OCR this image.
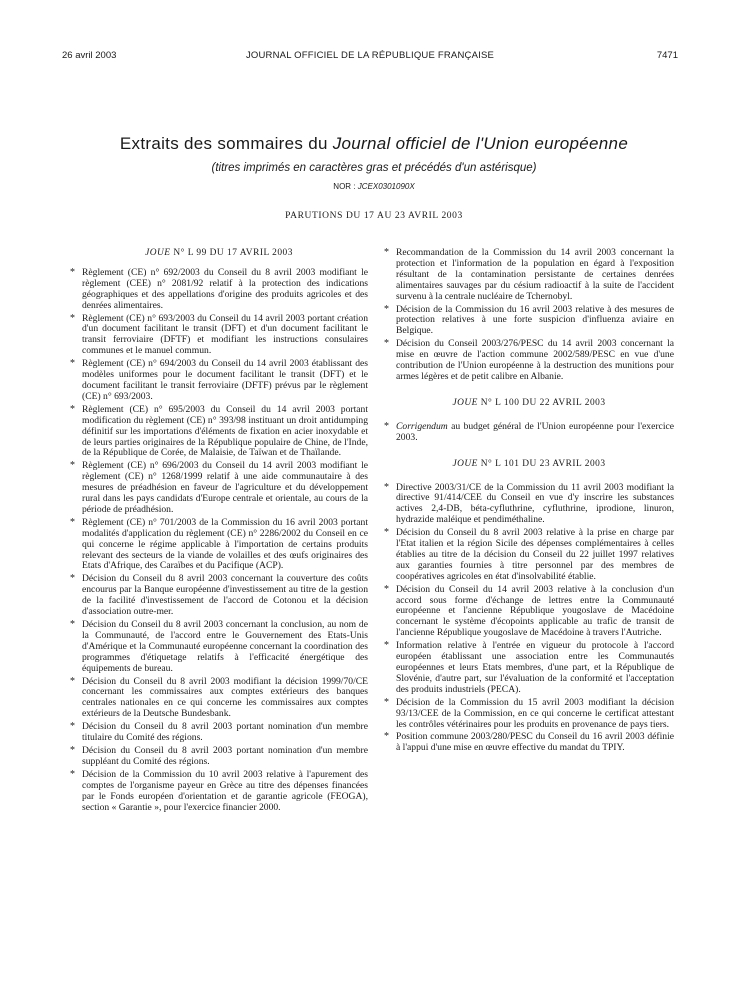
26 avril 2003	JOURNAL OFFICIEL DE LA RÉPUBLIQUE FRANÇAISE	7471
Extraits des sommaires du Journal officiel de l'Union européenne
(titres imprimés en caractères gras et précédés d'un astérisque)
NOR : JCEX0301090X
PARUTIONS DU 17 AU 23 AVRIL 2003
JOUE N° L 99 DU 17 AVRIL 2003
* Règlement (CE) n° 692/2003 du Conseil du 8 avril 2003 modifiant le règlement (CEE) n° 2081/92 relatif à la protection des indications géographiques et des appellations d'origine des produits agricoles et des denrées alimentaires.
* Règlement (CE) n° 693/2003 du Conseil du 14 avril 2003 portant création d'un document facilitant le transit (DFT) et d'un document facilitant le transit ferroviaire (DFTF) et modifiant les instructions consulaires communes et le manuel commun.
* Règlement (CE) n° 694/2003 du Conseil du 14 avril 2003 établissant des modèles uniformes pour le document facilitant le transit (DFT) et le document facilitant le transit ferroviaire (DFTF) prévus par le règlement (CE) n° 693/2003.
* Règlement (CE) n° 695/2003 du Conseil du 14 avril 2003 portant modification du règlement (CE) n° 393/98 instituant un droit antidumping définitif sur les importations d'éléments de fixation en acier inoxydable et de leurs parties originaires de la République populaire de Chine, de l'Inde, de la République de Corée, de Malaisie, de Taïwan et de Thaïlande.
* Règlement (CE) n° 696/2003 du Conseil du 14 avril 2003 modifiant le règlement (CE) n° 1268/1999 relatif à une aide communautaire à des mesures de préadhésion en faveur de l'agriculture et du développement rural dans les pays candidats d'Europe centrale et orientale, au cours de la période de préadhésion.
* Règlement (CE) n° 701/2003 de la Commission du 16 avril 2003 portant modalités d'application du règlement (CE) n° 2286/2002 du Conseil en ce qui concerne le régime applicable à l'importation de certains produits relevant des secteurs de la viande de volailles et des œufs originaires des Etats d'Afrique, des Caraïbes et du Pacifique (ACP).
* Décision du Conseil du 8 avril 2003 concernant la couverture des coûts encourus par la Banque européenne d'investissement au titre de la gestion de la facilité d'investissement de l'accord de Cotonou et la décision d'association outre-mer.
* Décision du Conseil du 8 avril 2003 concernant la conclusion, au nom de la Communauté, de l'accord entre le Gouvernement des Etats-Unis d'Amérique et la Communauté européenne concernant la coordination des programmes d'étiquetage relatifs à l'efficacité énergétique des équipements de bureau.
* Décision du Conseil du 8 avril 2003 modifiant la décision 1999/70/CE concernant les commissaires aux comptes extérieurs des banques centrales nationales en ce qui concerne les commissaires aux comptes extérieurs de la Deutsche Bundesbank.
* Décision du Conseil du 8 avril 2003 portant nomination d'un membre titulaire du Comité des régions.
* Décision du Conseil du 8 avril 2003 portant nomination d'un membre suppléant du Comité des régions.
* Décision de la Commission du 10 avril 2003 relative à l'apurement des comptes de l'organisme payeur en Grèce au titre des dépenses financées par le Fonds européen d'orientation et de garantie agricole (FEOGA), section « Garantie », pour l'exercice financier 2000.
* Recommandation de la Commission du 14 avril 2003 concernant la protection et l'information de la population en égard à l'exposition résultant de la contamination persistante de certaines denrées alimentaires sauvages par du césium radioactif à la suite de l'accident survenu à la centrale nucléaire de Tchernobyl.
* Décision de la Commission du 16 avril 2003 relative à des mesures de protection relatives à une forte suspicion d'influenza aviaire en Belgique.
* Décision du Conseil 2003/276/PESC du 14 avril 2003 concernant la mise en œuvre de l'action commune 2002/589/PESC en vue d'une contribution de l'Union européenne à la destruction des munitions pour armes légères et de petit calibre en Albanie.
JOUE N° L 100 DU 22 AVRIL 2003
* Corrigendum au budget général de l'Union européenne pour l'exercice 2003.
JOUE N° L 101 DU 23 AVRIL 2003
* Directive 2003/31/CE de la Commission du 11 avril 2003 modifiant la directive 91/414/CEE du Conseil en vue d'y inscrire les substances actives 2,4-DB, béta-cyfluthrine, cyfluthrine, iprodione, linuron, hydrazide maléique et pendiméthaline.
* Décision du Conseil du 8 avril 2003 relative à la prise en charge par l'Etat italien et la région Sicile des dépenses complémentaires à celles établies au titre de la décision du Conseil du 22 juillet 1997 relatives aux garanties fournies à titre personnel par des membres de coopératives agricoles en état d'insolvabilité établie.
* Décision du Conseil du 14 avril 2003 relative à la conclusion d'un accord sous forme d'échange de lettres entre la Communauté européenne et l'ancienne République yougoslave de Macédoine concernant le système d'écopoints applicable au trafic de transit de l'ancienne République yougoslave de Macédoine à travers l'Autriche.
* Information relative à l'entrée en vigueur du protocole à l'accord européen établissant une association entre les Communautés européennes et leurs Etats membres, d'une part, et la République de Slovénie, d'autre part, sur l'évaluation de la conformité et l'acceptation des produits industriels (PECA).
* Décision de la Commission du 15 avril 2003 modifiant la décision 93/13/CEE de la Commission, en ce qui concerne le certificat attestant les contrôles vétérinaires pour les produits en provenance de pays tiers.
* Position commune 2003/280/PESC du Conseil du 16 avril 2003 définie à l'appui d'une mise en œuvre effective du mandat du TPIY.
